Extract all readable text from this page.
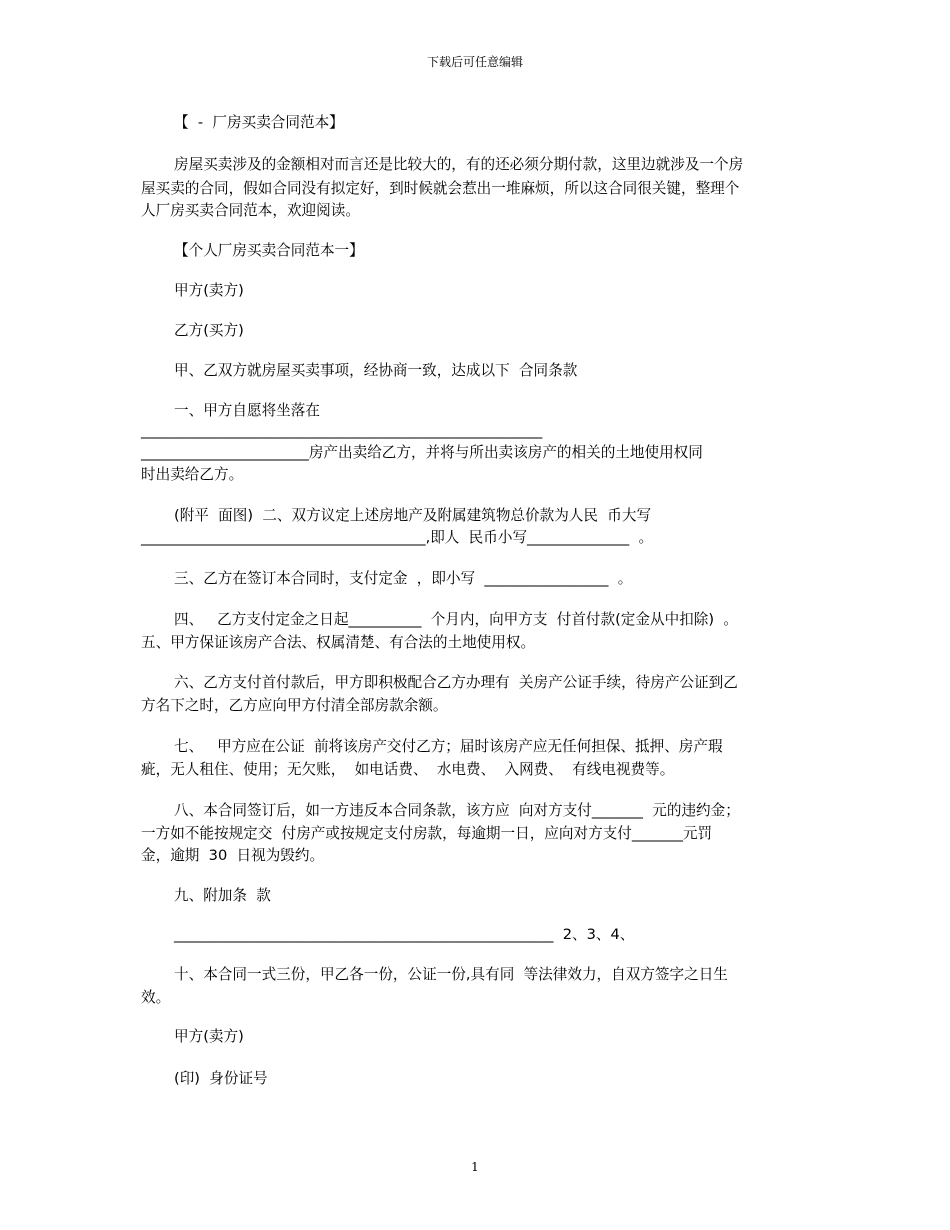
下载后可任意编辑
【  -  厂房买卖合同范本】
房屋买卖涉及的金额相对而言还是比较大的，有的还必须分期付款，这里边就涉及一个房
屋买卖的合同，假如合同没有拟定好，到时候就会惹出一堆麻烦，所以这合同很关键，整理个
人厂房买卖合同范本，欢迎阅读。
【个人厂房买卖合同范本一】
甲方(卖方)
乙方(买方)
甲、乙双方就房屋买卖事项，经协商一致，达成以下  合同条款
一、甲方自愿将坐落在
_______________________________________________________
_______________________房产出卖给乙方，并将与所出卖该房产的相关的土地使用权同
时出卖给乙方。
(附平  面图)  二、双方议定上述房地产及附属建筑物总价款为人民  币大写
_______________________________________,即人  民币小写______________  。
三、乙方在签订本合同时，支付定金  ，即小写  _________________  。
四、   乙方支付定金之日起__________  个月内，向甲方支  付首付款(定金从中扣除)  。
五、甲方保证该房产合法、权属清楚、有合法的土地使用权。
六、乙方支付首付款后，甲方即积极配合乙方办理有  关房产公证手续，待房产公证到乙
方名下之时，乙方应向甲方付清全部房款余额。
七、   甲方应在公证  前将该房产交付乙方；届时该房产应无任何担保、抵押、房产瑕
疵，无人租住、使用；无欠账，  如电话费、  水电费、  入网费、  有线电视费等。
八、本合同签订后，如一方违反本合同条款，该方应  向对方支付_______  元的违约金；
一方如不能按规定交  付房产或按规定支付房款，每逾期一日，应向对方支付_______元罚
金，逾期  30  日视为毁约。
九、附加条  款
____________________________________________________  2、3、4、
十、本合同一式三份，甲乙各一份，公证一份,具有同  等法律效力，自双方签字之日生
效。
甲方(卖方)
(印)  身份证号
1
